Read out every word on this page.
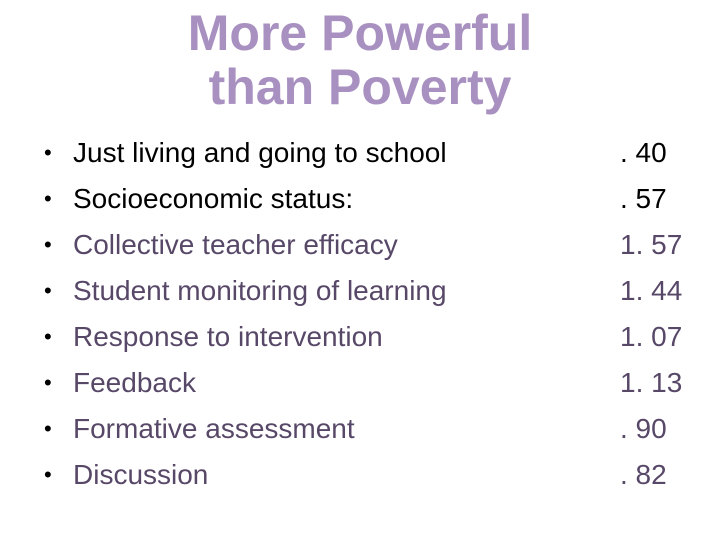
More Powerful
than Poverty
• Just living and going to school	. 40
• Socioeconomic status:	. 57
• Collective teacher efficacy	1. 57
• Student monitoring of learning	1. 44
• Response to intervention	1. 07
• Feedback	1. 13
• Formative assessment	. 90
• Discussion	. 82
